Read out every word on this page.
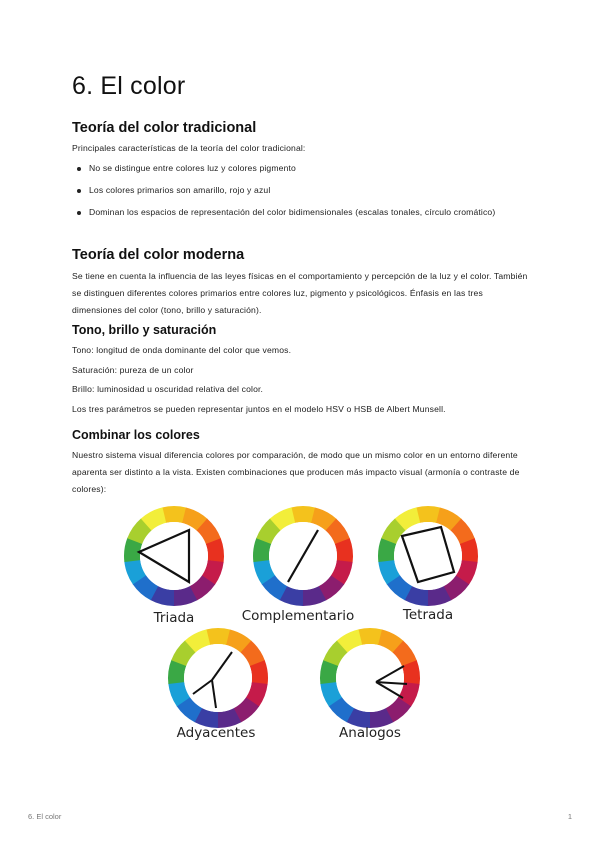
6. El color
Teoría del color tradicional
Principales características de la teoría del color tradicional:
No se distingue entre colores luz y colores pigmento
Los colores primarios son amarillo, rojo y azul
Dominan los espacios de representación del color bidimensionales (escalas tonales, círculo cromático)
Teoría del color moderna
Se tiene en cuenta la influencia de las leyes físicas en el comportamiento y percepción de la luz y el color. También se distinguen diferentes colores primarios entre colores luz, pigmento y psicológicos. Énfasis en las tres dimensiones del color (tono, brillo y saturación).
Tono, brillo y saturación
Tono: longitud de onda dominante del color que vemos.
Saturación: pureza de un color
Brillo: luminosidad u oscuridad relativa del color.
Los tres parámetros se pueden representar juntos en el modelo HSV o HSB de Albert Munsell.
Combinar los colores
Nuestro sistema visual diferencia colores por comparación, de modo que un mismo color en un entorno diferente aparenta ser distinto a la vista. Existen combinaciones que producen más impacto visual (armonía o contraste de colores):
Triada	Complementario	Tetrada
Adyacentes	Analogos
6. El color	1
